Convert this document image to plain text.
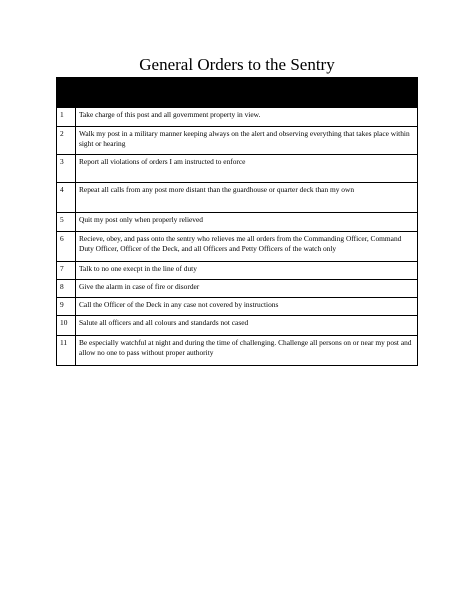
General Orders to the Sentry

1	Take charge of this post and all government property in view.
2	Walk my post in a military manner keeping always on the alert and observing everything that takes place within sight or hearing
3	Report all violations of orders I am instructed to enforce
4	Repeat all calls from any post more distant than the guardhouse or quarter deck than my own
5	Quit my post only when properly relieved
6	Recieve, obey, and pass onto the sentry who relieves me all orders from the Commanding Officer, Command Duty Officer, Officer of the Deck, and all Officers and Petty Officers of the watch only
7	Talk to no one execpt in the line of duty
8	Give the alarm in case of fire or disorder
9	Call the Officer of the Deck in any case not covered by instructions
10	Salute all officers and all colours and standards not cased
11	Be especially watchful at night and during the time of challenging. Challenge all persons on or near my post and allow no one to pass without proper authority
